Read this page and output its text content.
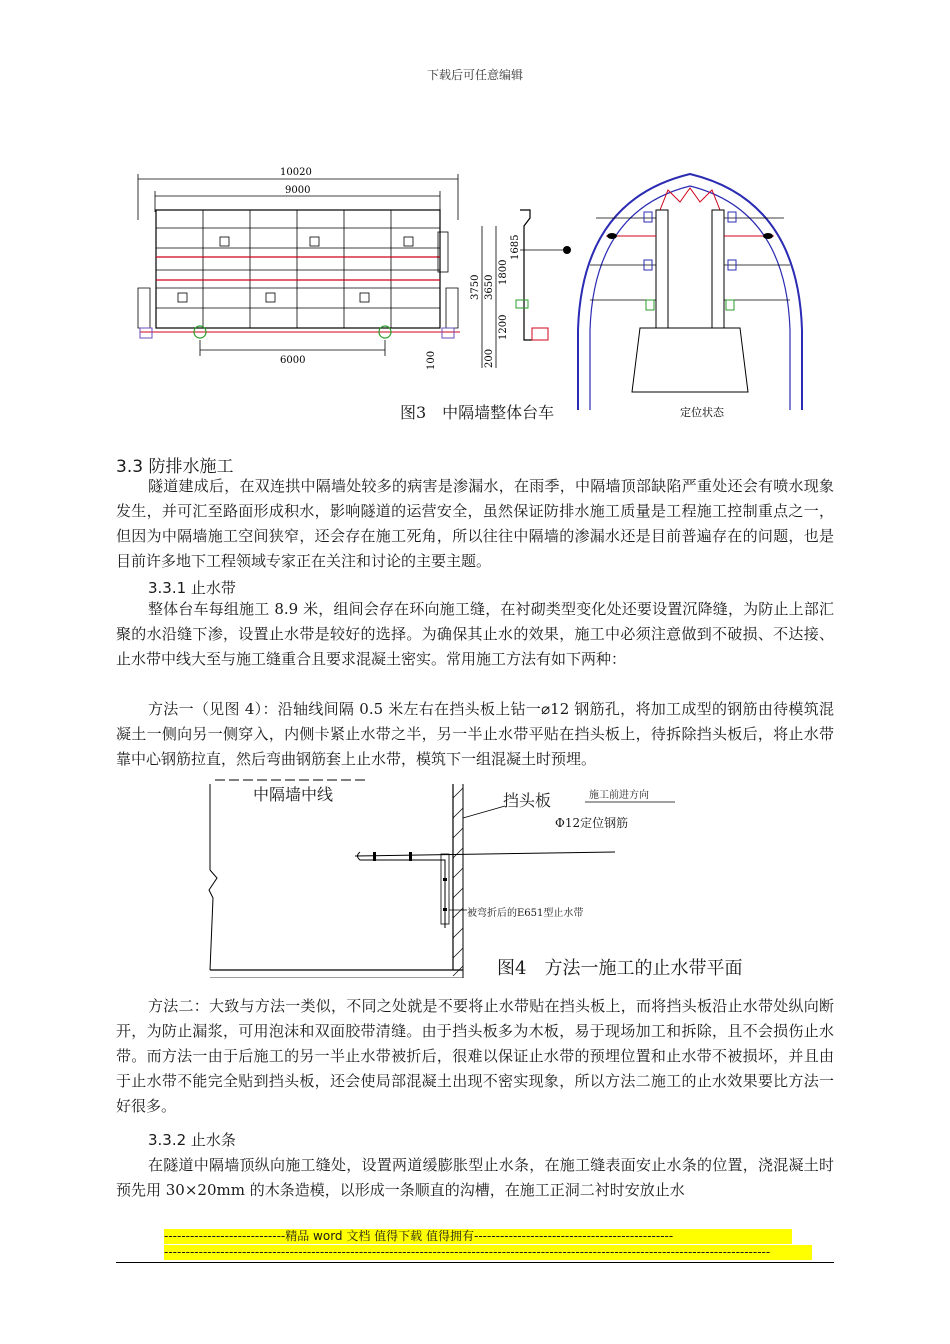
下载后可任意编辑
10020
9000
6000	100
3750 3650
1800
1685
1200
200
定位状态
图3　中隔墙整体台车
3.3 防排水施工

隧道建成后，在双连拱中隔墙处较多的病害是渗漏水，在雨季，中隔墙顶部缺陷严重处还会有喷水现象发生，并可汇至路面形成积水，影响隧道的运营安全，虽然保证防排水施工质量是工程施工控制重点之一，但因为中隔墙施工空间狭窄，还会存在施工死角，所以往往中隔墙的渗漏水还是目前普遍存在的问题，也是目前许多地下工程领域专家正在关注和讨论的主要主题。

3.3.1 止水带

整体台车每组施工 8.9 米，组间会存在环向施工缝，在衬砌类型变化处还要设置沉降缝，为防止上部汇聚的水沿缝下渗，设置止水带是较好的选择。为确保其止水的效果，施工中必须注意做到不破损、不达接、止水带中线大至与施工缝重合且要求混凝土密实。常用施工方法有如下两种：

方法一（见图 4）：沿轴线间隔 0.5 米左右在挡头板上钻一⌀12 钢筋孔，将加工成型的钢筋由待模筑混凝土一侧向另一侧穿入，内侧卡紧止水带之半，另一半止水带平贴在挡头板上，待拆除挡头板后，将止水带靠中心钢筋拉直，然后弯曲钢筋套上止水带，模筑下一组混凝土时预埋。

中隔墙中线	挡头板	施工前进方向
Φ12定位钢筋
被弯折后的E651型止水带
图4　方法一施工的止水带平面

方法二：大致与方法一类似，不同之处就是不要将止水带贴在挡头板上，而将挡头板沿止水带处纵向断开，为防止漏浆，可用泡沫和双面胶带清缝。由于挡头板多为木板，易于现场加工和拆除，且不会损伤止水带。而方法一由于后施工的另一半止水带被折后，很难以保证止水带的预埋位置和止水带不被损坏，并且由于止水带不能完全贴到挡头板，还会使局部混凝土出现不密实现象，所以方法二施工的止水效果要比方法一好很多。

3.3.2 止水条

在隧道中隔墙顶纵向施工缝处，设置两道缓膨胀型止水条，在施工缝表面安止水条的位置，浇混凝土时预先用 30×20mm 的木条造模，以形成一条顺直的沟槽，在施工正洞二衬时安放止水

----------------------------精品 word 文档 值得下载 值得拥有----------------------------------------------
--------------------------------------------------------------------------------------------------------------------------------------------
